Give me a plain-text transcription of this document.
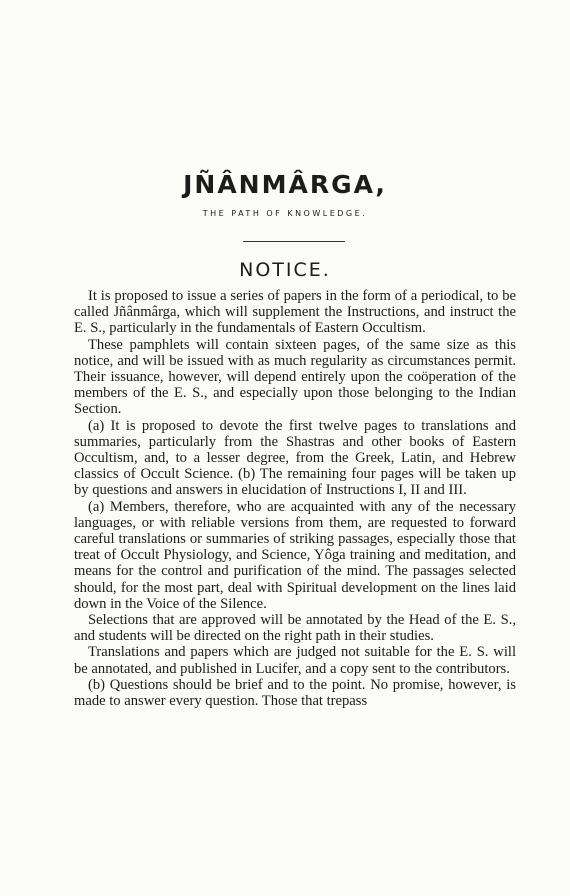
JÑÂNMÂRGA,
THE PATH OF KNOWLEDGE.
NOTICE.

It is proposed to issue a series of papers in the form of a periodical, to be called Jñânmârga, which will supplement the Instructions, and instruct the E. S., particularly in the fundamentals of Eastern Occultism.

These pamphlets will contain sixteen pages, of the same size as this notice, and will be issued with as much regularity as circumstances permit. Their issuance, however, will depend entirely upon the coöperation of the members of the E. S., and especially upon those belonging to the Indian Section.

(a) It is proposed to devote the first twelve pages to translations and summaries, particularly from the Shastras and other books of Eastern Occultism, and, to a lesser degree, from the Greek, Latin, and Hebrew classics of Occult Science. (b) The remaining four pages will be taken up by questions and answers in elucidation of Instructions I, II and III.

(a) Members, therefore, who are acquainted with any of the necessary languages, or with reliable versions from them, are requested to forward careful translations or summaries of striking passages, especially those that treat of Occult Physiology, and Science, Yôga training and meditation, and means for the control and purification of the mind. The passages selected should, for the most part, deal with Spiritual development on the lines laid down in the Voice of the Silence.

Selections that are approved will be annotated by the Head of the E. S., and students will be directed on the right path in their studies.

Translations and papers which are judged not suitable for the E. S. will be annotated, and published in Lucifer, and a copy sent to the contributors.

(b) Questions should be brief and to the point. No promise, however, is made to answer every question. Those that trepass
